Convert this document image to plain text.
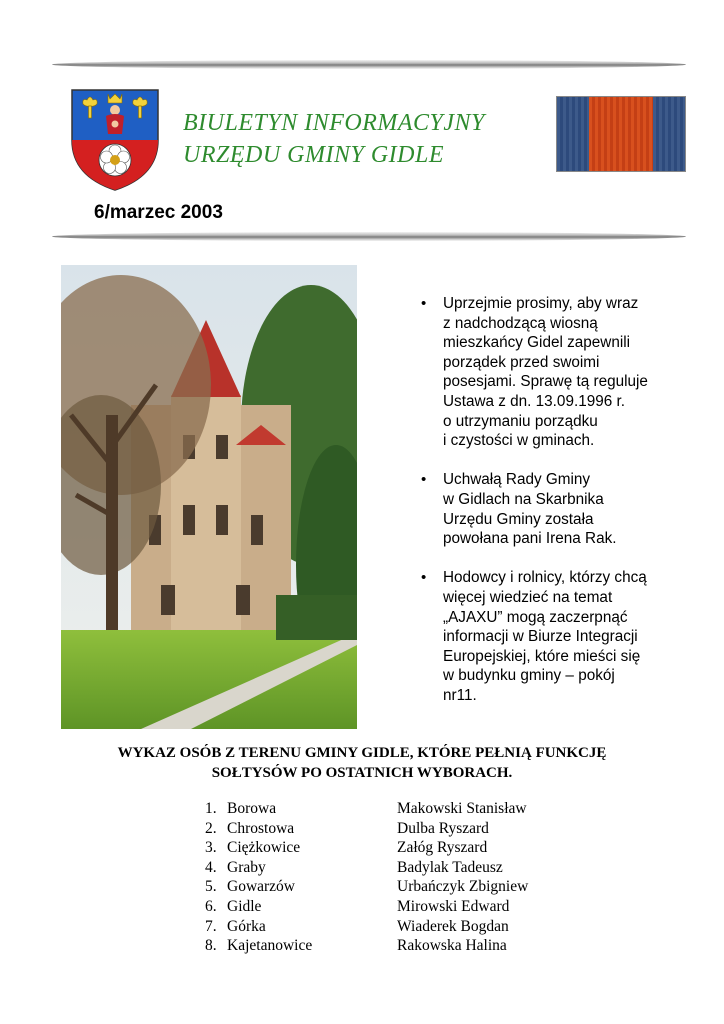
BIULETYN INFORMACYJNY
URZĘDU GMINY GIDLE
6/marzec 2003
• Uprzejmie prosimy, aby wraz
z nadchodzącą wiosną
mieszkańcy Gidel zapewnili
porządek przed swoimi
posesjami. Sprawę tą reguluje
Ustawa z dn. 13.09.1996 r.
o utrzymaniu porządku
i czystości w gminach.
• Uchwałą Rady Gminy
w Gidlach na Skarbnika
Urzędu Gminy została
powołana pani Irena Rak.
• Hodowcy i rolnicy, którzy chcą
więcej wiedzieć na temat
„AJAXU” mogą zaczerpnąć
informacji w Biurze Integracji
Europejskiej, które mieści się
w budynku gminy – pokój
nr11.
WYKAZ OSÓB Z TERENU GMINY GIDLE, KTÓRE PEŁNIĄ FUNKCJĘ
SOŁTYSÓW PO OSTATNICH WYBORACH.
1. Borowa	Makowski Stanisław
2. Chrostowa	Dulba Ryszard
3. Ciężkowice	Załóg Ryszard
4. Graby	Badylak Tadeusz
5. Gowarzów	Urbańczyk Zbigniew
6. Gidle	Mirowski Edward
7. Górka	Wiaderek Bogdan
8. Kajetanowice	Rakowska Halina
